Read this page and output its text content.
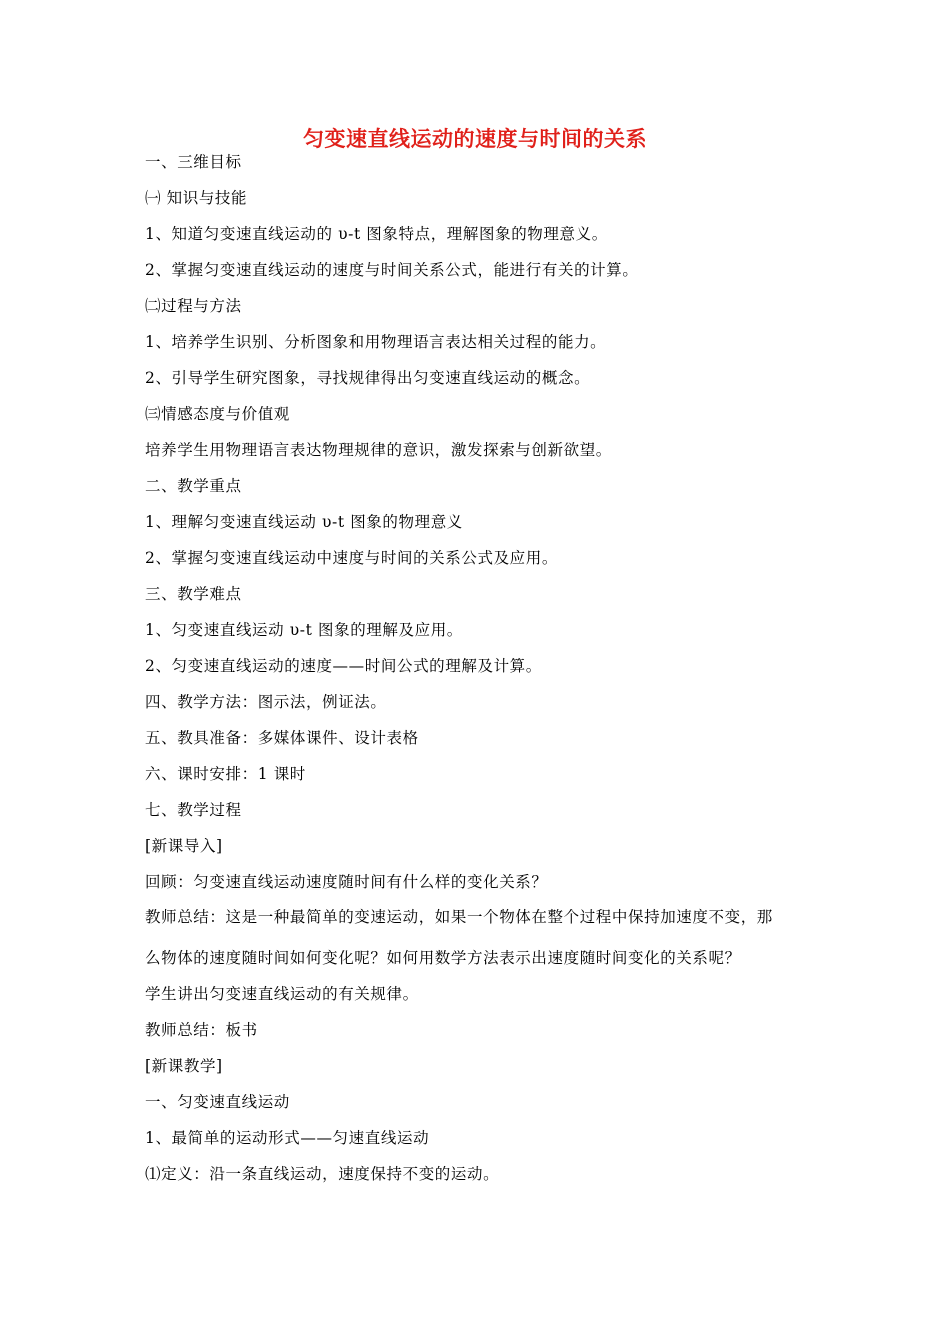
匀变速直线运动的速度与时间的关系
一、三维目标
㈠ 知识与技能
1、知道匀变速直线运动的 υ-t 图象特点，理解图象的物理意义。
2、掌握匀变速直线运动的速度与时间关系公式，能进行有关的计算。
㈡过程与方法
1、培养学生识别、分析图象和用物理语言表达相关过程的能力。
2、引导学生研究图象，寻找规律得出匀变速直线运动的概念。
㈢情感态度与价值观
培养学生用物理语言表达物理规律的意识，激发探索与创新欲望。
二、教学重点
1、理解匀变速直线运动 υ-t 图象的物理意义
2、掌握匀变速直线运动中速度与时间的关系公式及应用。
三、教学难点
1、匀变速直线运动 υ-t 图象的理解及应用。
2、匀变速直线运动的速度——时间公式的理解及计算。
四、教学方法：图示法，例证法。
五、教具准备：多媒体课件、设计表格
六、课时安排：1 课时
七、教学过程
[新课导入]
回顾：匀变速直线运动速度随时间有什么样的变化关系？
教师总结：这是一种最简单的变速运动，如果一个物体在整个过程中保持加速度不变，那
么物体的速度随时间如何变化呢？如何用数学方法表示出速度随时间变化的关系呢？
学生讲出匀变速直线运动的有关规律。
教师总结：板书
[新课教学]
一、匀变速直线运动
1、最简单的运动形式——匀速直线运动
⑴定义：沿一条直线运动，速度保持不变的运动。
